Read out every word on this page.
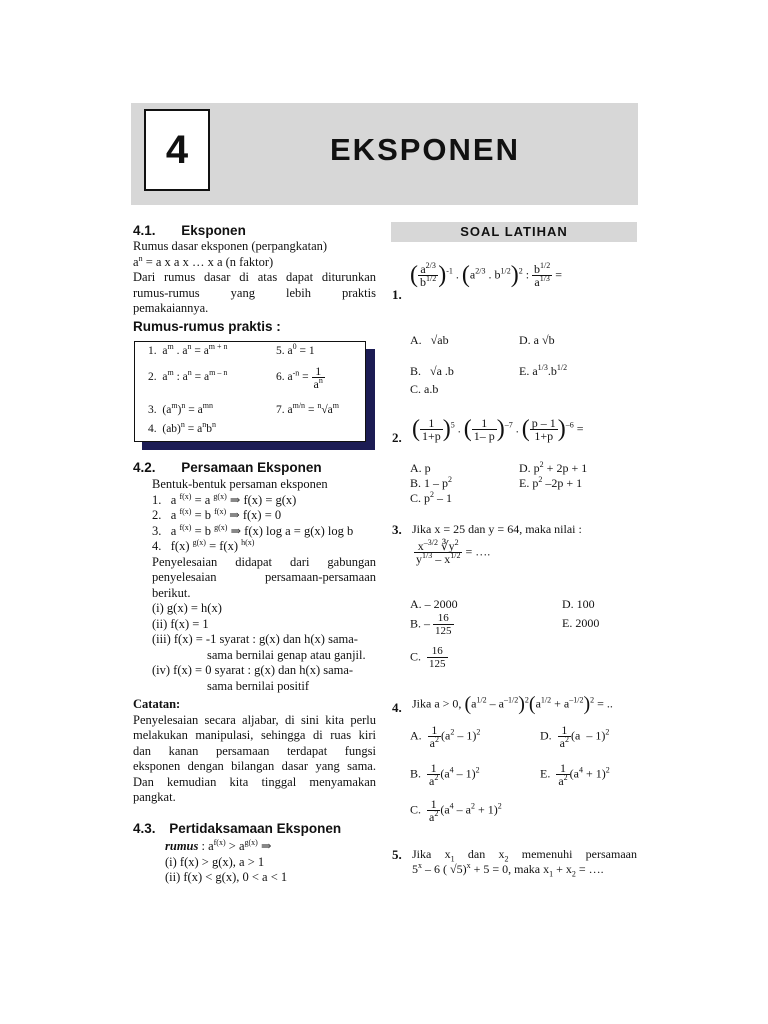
4	EKSPONEN
4.1. Eksponen
Rumus dasar eksponen (perpangkatan)
$a^n = a$ x a x … x a (n faktor)
Dari rumus dasar di atas dapat diturunkan
rumus-rumus yang lebih praktis
pemakaiannya.
Rumus-rumus praktis :
1.  $a^m$ . $a^n = a^{m + n}$	5. $a^0 = 1$
2.  $a^m$ : $a^n = a^{m - n}$	6. $a^{-n} = \frac{1}{a^n}$
3.  $(a^m)^n = a^{mn}$	7. $a^{m/n} = ^n√a^m$
4.  $(ab)^n = a^nb^n$
4.2. Persamaan Eksponen
Bentuk-bentuk persaman eksponen
1.   a $^{f(x)}$ = a $^{g(x)}$ ⇒ f(x) = g(x)
2.   a $^{f(x)}$ = b $^{f(x)}$ ⇒ f(x) = 0
3.   a $^{f(x)}$ = b $^{g(x)}$ ⇒ f(x) log a = g(x) log b
4.   f(x) $^{g(x)}$ = f(x) $^{h(x)}$
Penyelesaian didapat dari gabungan
penyelesaian persamaan-persamaan
berikut.
(i) g(x) = h(x)
(ii) f(x) = 1
(iii) f(x) = -1 syarat : g(x) dan h(x) sama-
sama bernilai genap atau ganjil.
(iv) f(x) = 0 syarat : g(x) dan h(x) sama-
sama bernilai positif
Catatan:
Penyelesaian secara aljabar, di sini kita perlu
melakukan manipulasi, sehingga di ruas kiri
dan kanan persamaan terdapat fungsi
eksponen dengan bilangan dasar yang sama.
Dan kemudian kita tinggal menyamakan
pangkat.
4.3. Pertidaksamaan Eksponen
rumus : $a^{f(x)} > a^{g(x)}$ ⇒
(i) f(x) > g(x), a > 1
(ii) f(x) < g(x), 0 < a < 1
SOAL LATIHAN
1.
( $\frac{a^{2/3}}{b^{1/2}} )^{-1}$ . ($a^{2/3}$ . $b^{1/2})^2$ : $\frac{b^{1/2}}{a^{1/3}}$ =
A.   √ab	D. a √b
B.   √a .b	E. $a^{1/3}.b^{1/2}$
C. a.b
2. ( $\frac{1}{1+p} )^5$ . ( $\frac{1}{1- p} )^{-7}$ . ( $\frac{p - 1}{1+p} )^{-6}$ =
A. p	D. $p^2 + 2p + 1$
B. $1 - p^2$	E. $p^2$ –2p + 1
C. $p^2 - 1$
3. Jika x = 25 dan y = 64, maka nilai :
$\frac{x^{-3/2} ∛y^2}{y^{1/3} - x^{1/2}}$ = ….
A. – 2000	D. 100
B. – $\frac{16}{125}$	E. 2000
C. $\frac{16}{125}$
4. Jika a > 0, $(a^{1/2} - a^{-1/2})^2(a^{1/2} + a^{-1/2})^2$ = ..
A. $\frac{1}{a^2} (a^2 - 1)^2$	D. $\frac{1}{a^2} (a - 1)^2$
B. $\frac{1}{a^2} (a^4 - 1)^2$	E. $\frac{1}{a^2} (a^4 + 1)^2$
C. $\frac{1}{a^2} (a^4 - a^2 + 1)^2$
5. Jika $x_1$ dan $x_2$ memenuhi persamaan
5$^x$ – 6 ( √5)$^x$ + 5 = 0, maka $x_1 + x_2$ = ….
